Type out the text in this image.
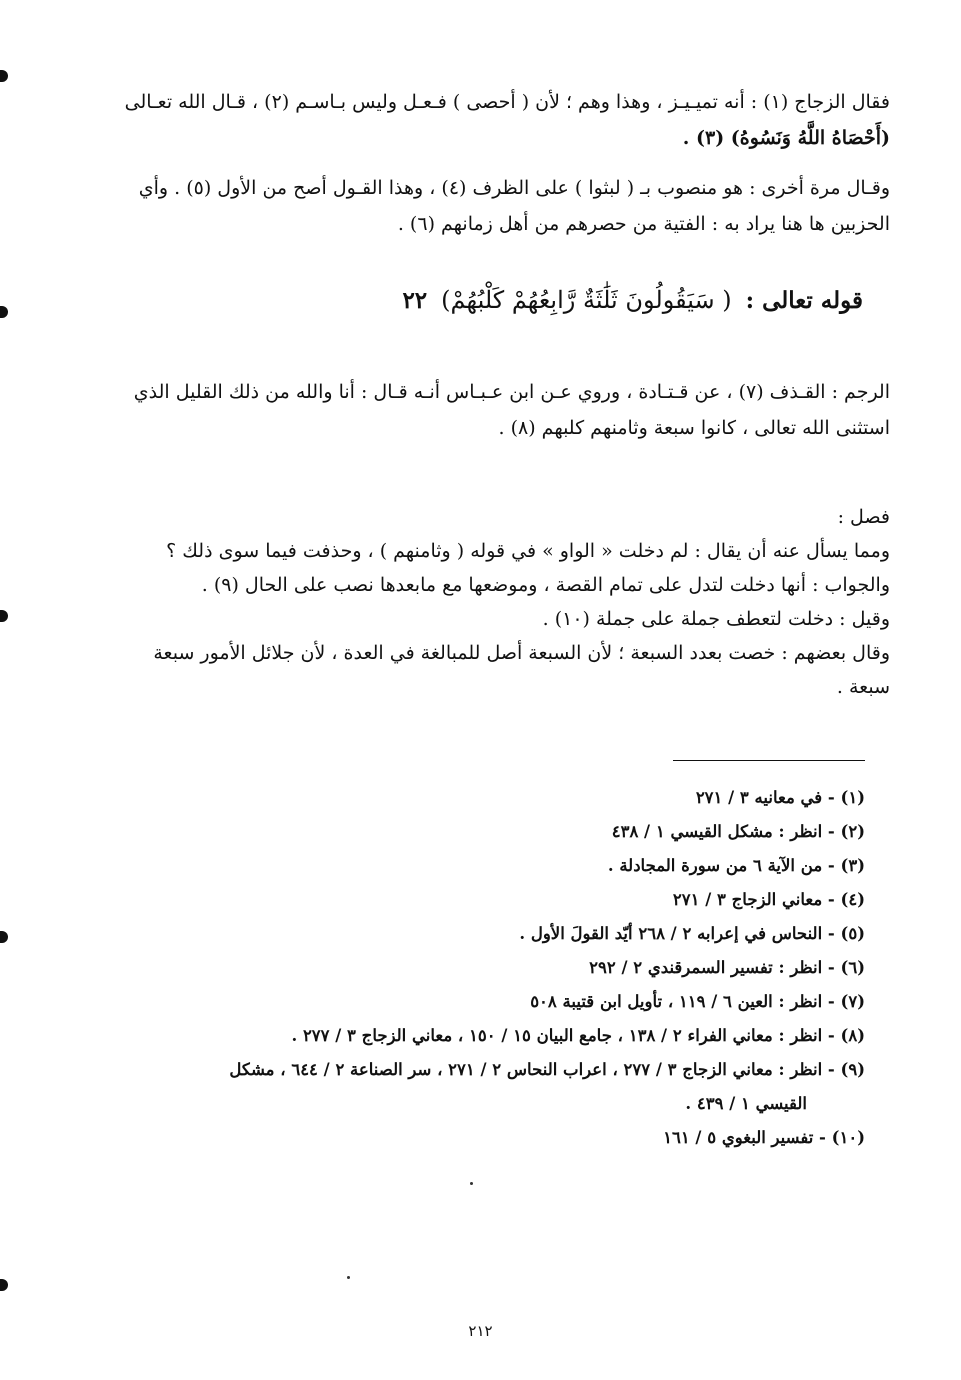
فقال الزجاج (١) : أنه تميـيـز ، وهذا وهم ؛ لأن ( أحصى ) فـعـل وليس بـاسـم (٢) ، قـال الله تعـالى
(أَحْصَاهُ اللَّهُ وَنَسُوهُ) (٣) .
وقـال مرة أخرى : هو منصوب بـ ( لبثوا ) على الظرف (٤) ، وهذا القـول أصح من الأول (٥) . وأي
الحزبين ها هنا يراد به : الفتية من حصرهم من أهل زمانهم (٦) .
قوله تعالى : ( سَيَقُولُونَ ثَلَٰثَةٌ رَّابِعُهُمْ كَلْبُهُمْ) ٢٢
الرجم : القـذف (٧) ، عن قـتـادة ، وروي عـن ابن عـبـاس أنـه قـال : أنا والله من ذلك القليل الذي
استثنى الله تعالى ، كانوا سبعة وثامنهم كلبهم (٨) .
فصل :
ومما يسأل عنه أن يقال : لم دخلت « الواو » في قوله ( وثامنهم ) ، وحذفت فيما سوى ذلك ؟
والجواب : أنها دخلت لتدل على تمام القصة ، وموضعها مع مابعدها نصب على الحال (٩) .
وقيل : دخلت لتعطف جملة على جملة (١٠) .
وقال بعضهم : خصت بعدد السبعة ؛ لأن السبعة أصل للمبالغة في العدة ، لأن جلائل الأمور سبعة
سبعة .
(١) - في معانيه ٣ / ٢٧١
(٢) - انظر : مشكل القيسي ١ / ٤٣٨
(٣) - من الآية ٦ من سورة المجادلة .
(٤) - معاني الزجاج ٣ / ٢٧١
(٥) - النحاس في إعرابه ٢ / ٢٦٨ أيّد القولَ الأول .
(٦) - انظر : تفسير السمرقندي ٢ / ٢٩٢
(٧) - انظر : العين ٦ / ١١٩ ، تأويل ابن قتيبة ٥٠٨
(٨) - انظر : معاني الفراء ٢ / ١٣٨ ، جامع البيان ١٥ / ١٥٠ ، معاني الزجاج ٣ / ٢٧٧ .
(٩) - انظر : معاني الزجاج ٣ / ٢٧٧ ، اعراب النحاس ٢ / ٢٧١ ، سر الصناعة ٢ / ٦٤٤ ، مشكل
القيسي ١ / ٤٣٩ .
(١٠) - تفسير البغوي ٥ / ١٦١
٢١٢
